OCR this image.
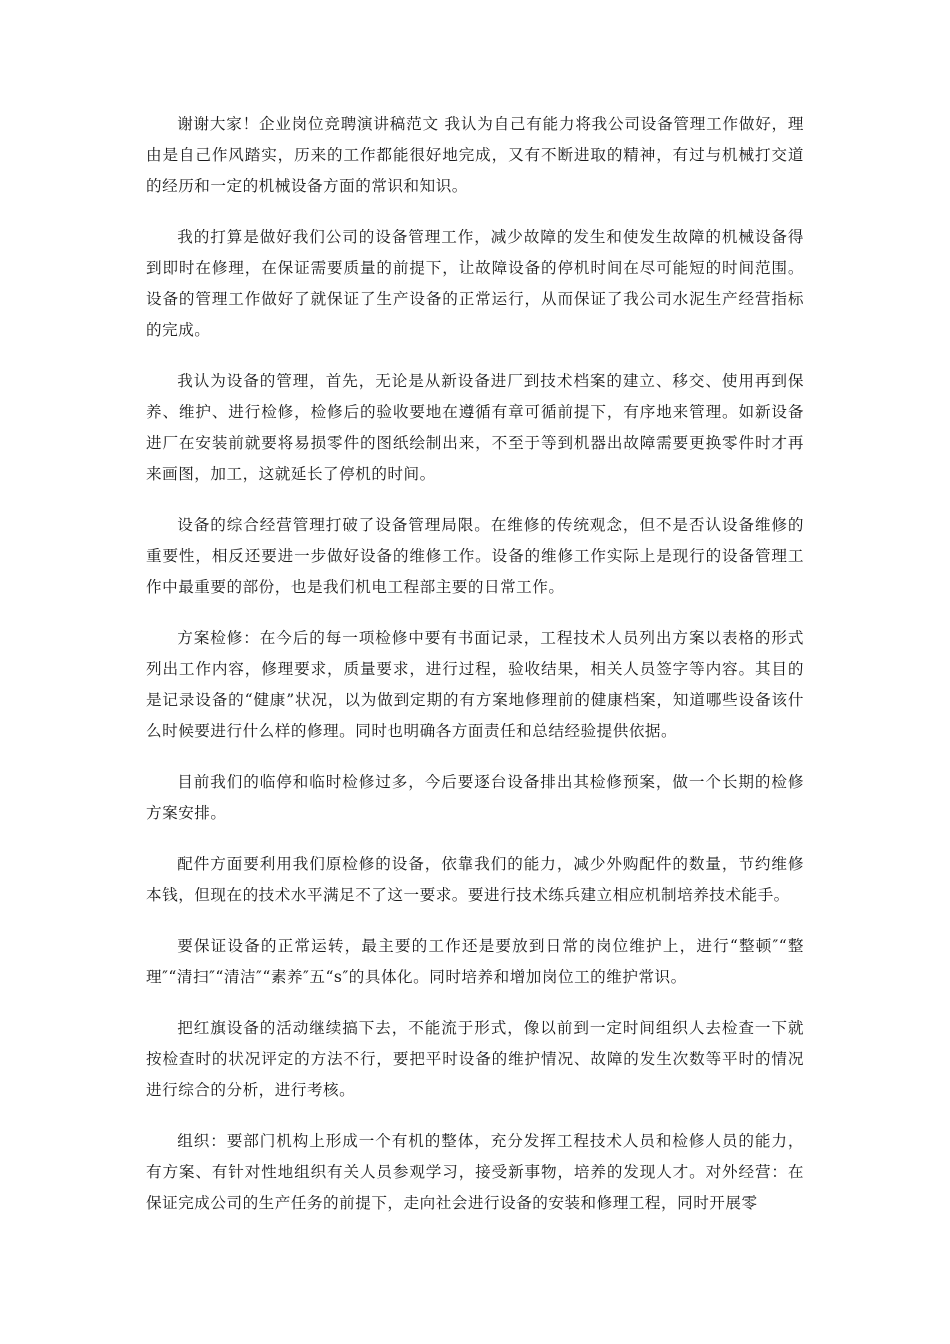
谢谢大家！企业岗位竞聘演讲稿范文 我认为自己有能力将我公司设备管理工作做好，理由是自己作风踏实，历来的工作都能很好地完成，又有不断进取的精神，有过与机械打交道的经历和一定的机械设备方面的常识和知识。

我的打算是做好我们公司的设备管理工作，减少故障的发生和使发生故障的机械设备得到即时在修理，在保证需要质量的前提下，让故障设备的停机时间在尽可能短的时间范围。设备的管理工作做好了就保证了生产设备的正常运行，从而保证了我公司水泥生产经营指标的完成。

我认为设备的管理，首先，无论是从新设备进厂到技术档案的建立、移交、使用再到保养、维护、进行检修，检修后的验收要地在遵循有章可循前提下，有序地来管理。如新设备进厂在安装前就要将易损零件的图纸绘制出来，不至于等到机器出故障需要更换零件时才再来画图，加工，这就延长了停机的时间。

设备的综合经营管理打破了设备管理局限。在维修的传统观念，但不是否认设备维修的重要性，相反还要进一步做好设备的维修工作。设备的维修工作实际上是现行的设备管理工作中最重要的部份，也是我们机电工程部主要的日常工作。

方案检修：在今后的每一项检修中要有书面记录，工程技术人员列出方案以表格的形式列出工作内容，修理要求，质量要求，进行过程，验收结果，相关人员签字等内容。其目的是记录设备的“健康”状况，以为做到定期的有方案地修理前的健康档案，知道哪些设备该什么时候要进行什么样的修理。同时也明确各方面责任和总结经验提供依据。

目前我们的临停和临时检修过多，今后要逐台设备排出其检修预案，做一个长期的检修方案安排。

配件方面要利用我们原检修的设备，依靠我们的能力，减少外购配件的数量，节约维修本钱，但现在的技术水平满足不了这一要求。要进行技术练兵建立相应机制培养技术能手。

要保证设备的正常运转，最主要的工作还是要放到日常的岗位维护上，进行“整顿″“整理″“清扫″“清洁″“素养″五“s″的具体化。同时培养和增加岗位工的维护常识。

把红旗设备的活动继续搞下去，不能流于形式，像以前到一定时间组织人去检查一下就按检查时的状况评定的方法不行，要把平时设备的维护情况、故障的发生次数等平时的情况进行综合的分析，进行考核。

组织：要部门机构上形成一个有机的整体，充分发挥工程技术人员和检修人员的能力，有方案、有针对性地组织有关人员参观学习，接受新事物，培养的发现人才。对外经营：在保证完成公司的生产任务的前提下，走向社会进行设备的安装和修理工程，同时开展零
